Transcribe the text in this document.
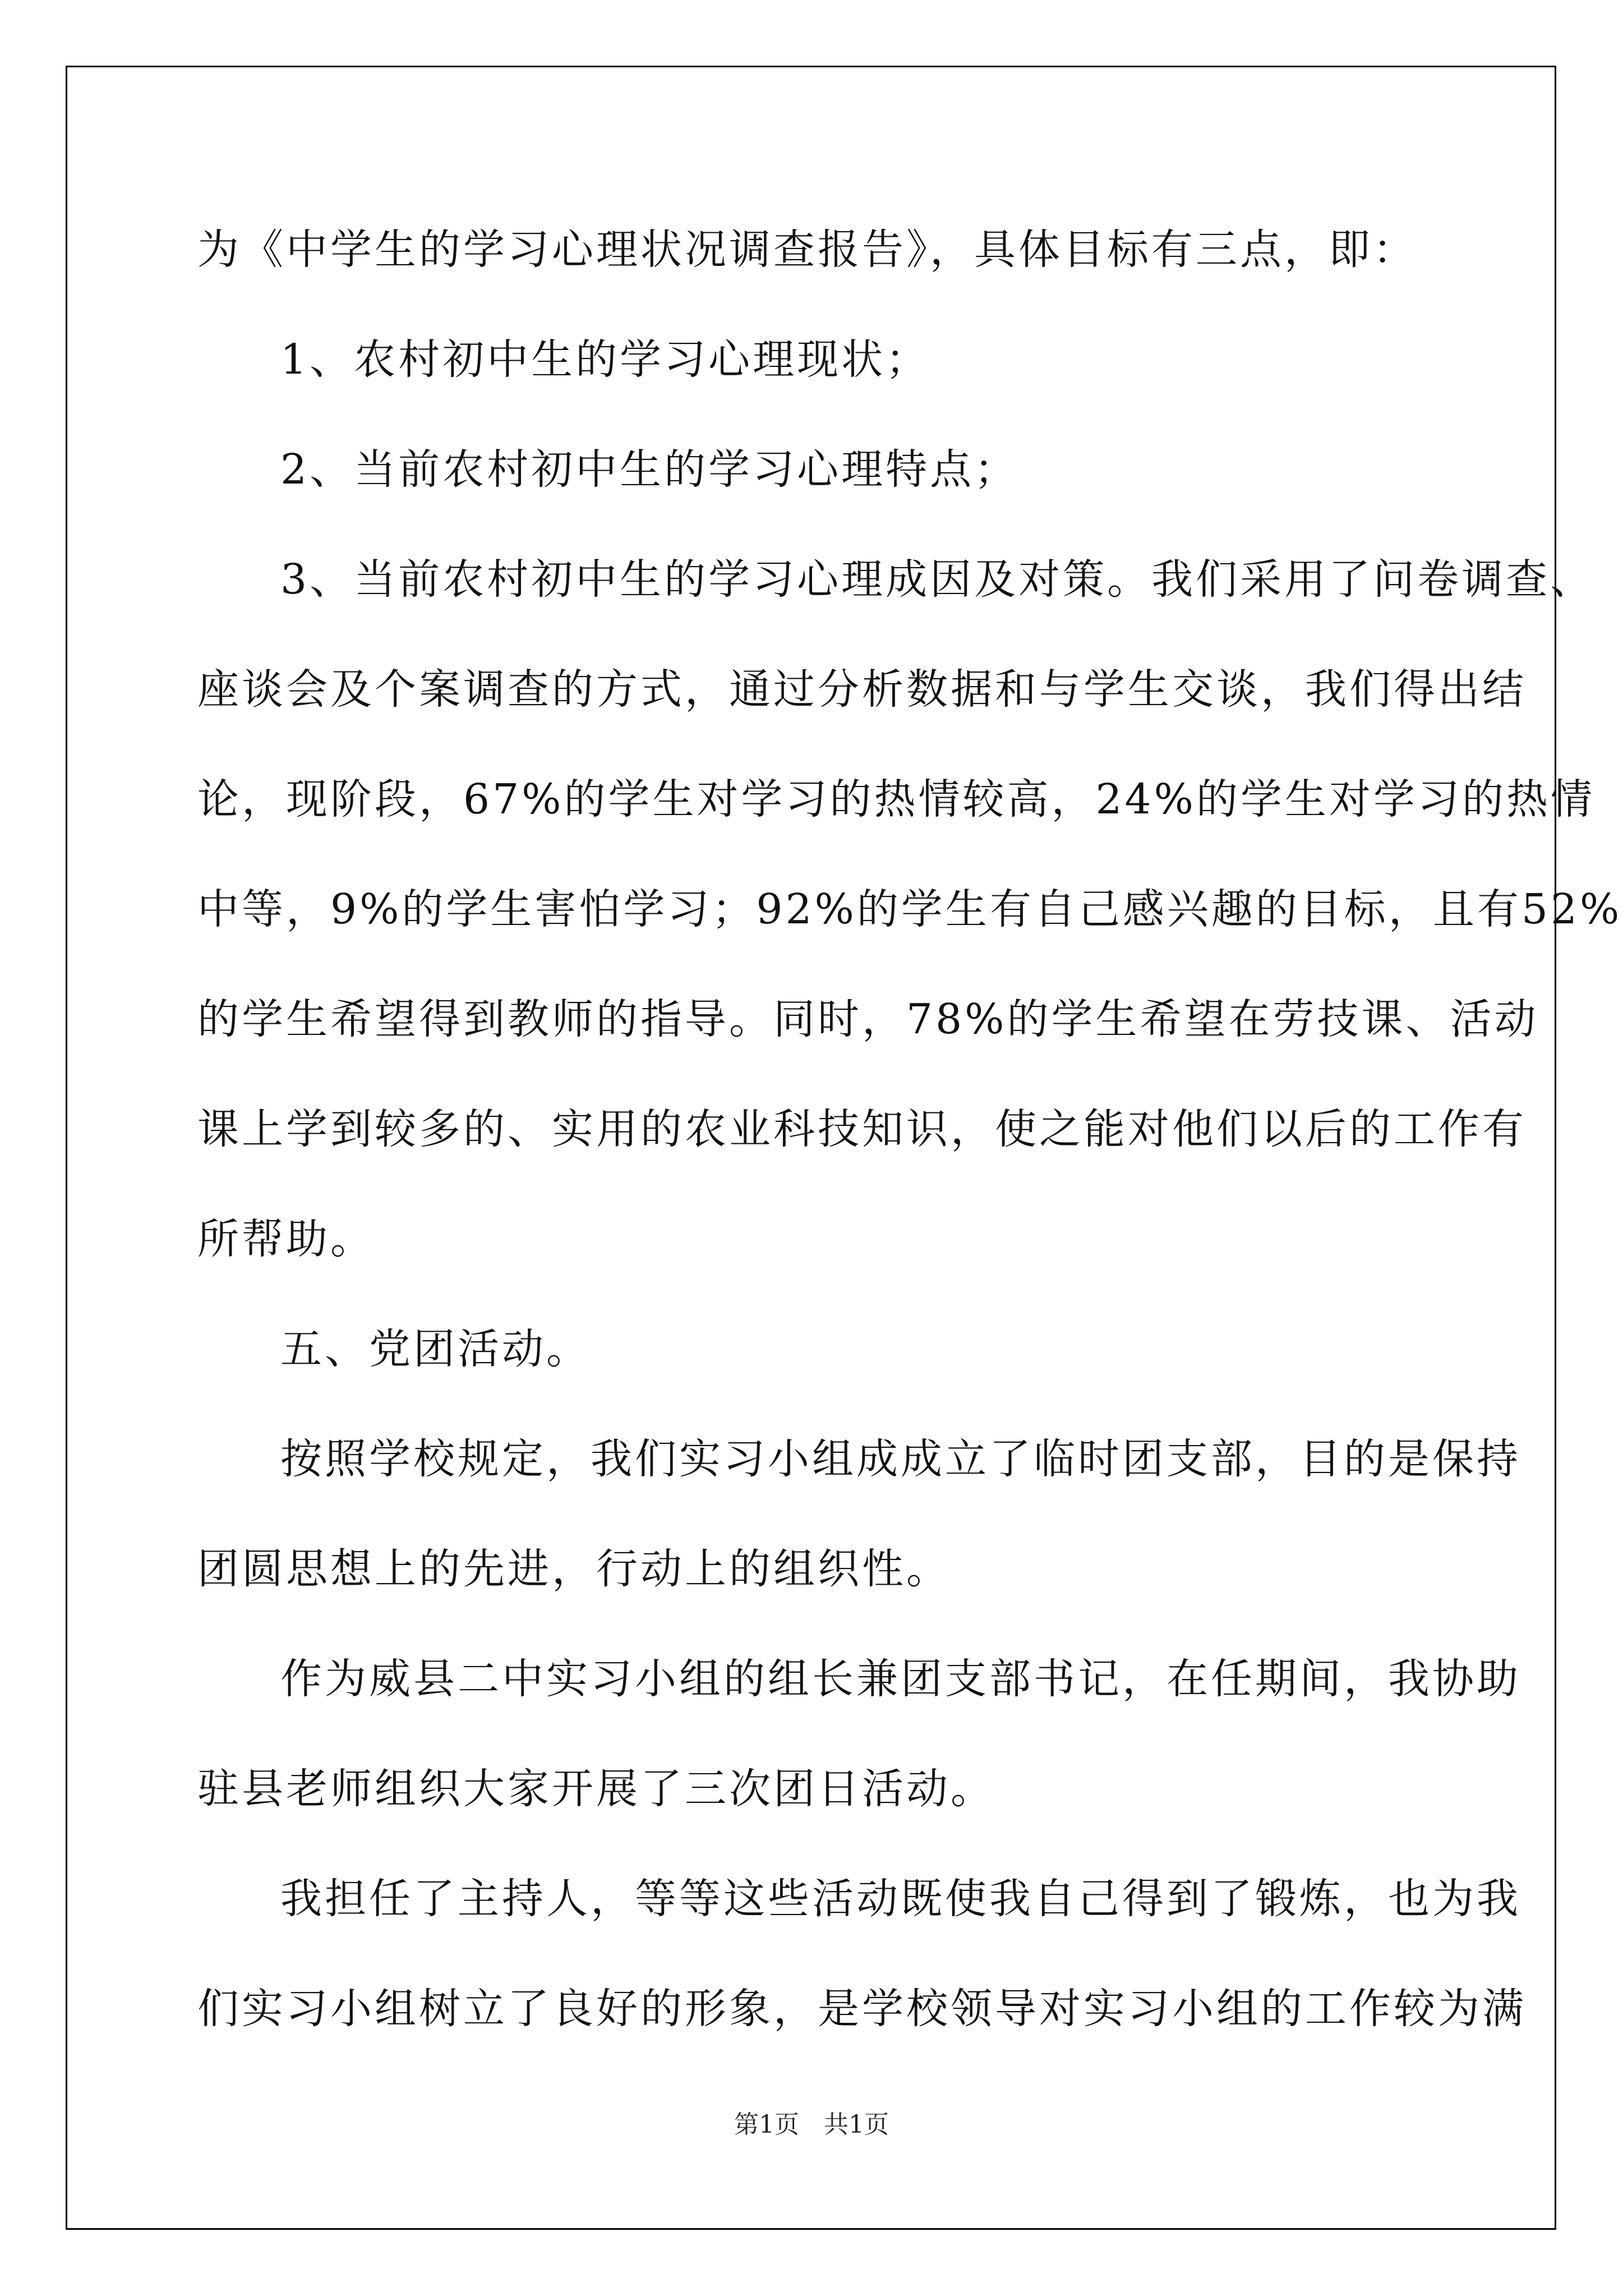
为《中学生的学习心理状况调查报告》，具体目标有三点，即：
1、农村初中生的学习心理现状；
2、当前农村初中生的学习心理特点；
3、当前农村初中生的学习心理成因及对策。我们采用了问卷调查、
座谈会及个案调查的方式，通过分析数据和与学生交谈，我们得出结
论，现阶段，67%的学生对学习的热情较高，24%的学生对学习的热情
中等，9%的学生害怕学习；92%的学生有自己感兴趣的目标，且有52%
的学生希望得到教师的指导。同时，78%的学生希望在劳技课、活动
课上学到较多的、实用的农业科技知识，使之能对他们以后的工作有
所帮助。
五、党团活动。
按照学校规定，我们实习小组成成立了临时团支部，目的是保持
团圆思想上的先进，行动上的组织性。
作为威县二中实习小组的组长兼团支部书记，在任期间，我协助
驻县老师组织大家开展了三次团日活动。
我担任了主持人，等等这些活动既使我自己得到了锻炼，也为我
们实习小组树立了良好的形象，是学校领导对实习小组的工作较为满
第1页　共1页
